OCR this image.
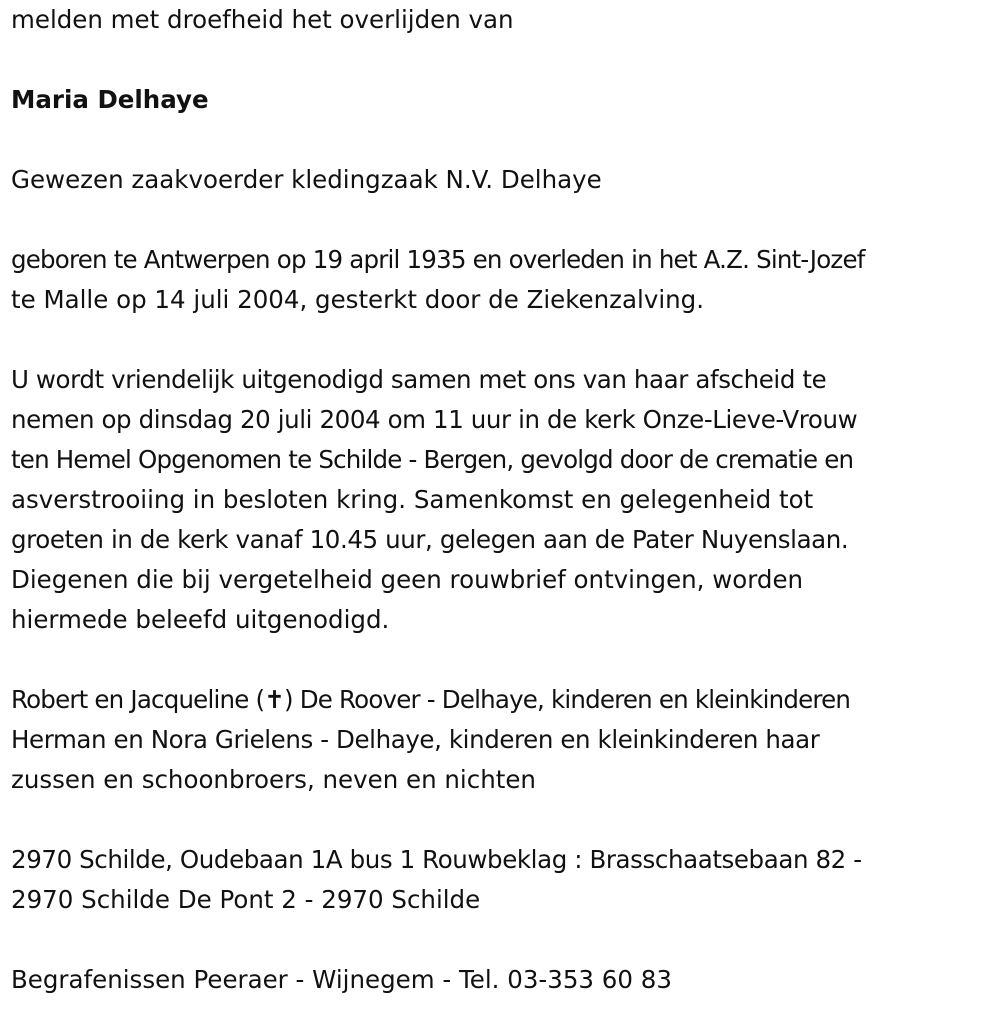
melden met droefheid het overlijden van
Maria Delhaye
Gewezen zaakvoerder kledingzaak N.V. Delhaye
geboren te Antwerpen op 19 april 1935 en overleden in het A.Z. Sint-Jozef
te Malle op 14 juli 2004, gesterkt door de Ziekenzalving.
U wordt vriendelijk uitgenodigd samen met ons van haar afscheid te
nemen op dinsdag 20 juli 2004 om 11 uur in de kerk Onze-Lieve-Vrouw
ten Hemel Opgenomen te Schilde - Bergen, gevolgd door de crematie en
asverstrooiing in besloten kring. Samenkomst en gelegenheid tot
groeten in de kerk vanaf 10.45 uur, gelegen aan de Pater Nuyenslaan.
Diegenen die bij vergetelheid geen rouwbrief ontvingen, worden
hiermede beleefd uitgenodigd.
Robert en Jacqueline (✝) De Roover - Delhaye, kinderen en kleinkinderen
Herman en Nora Grielens - Delhaye, kinderen en kleinkinderen haar
zussen en schoonbroers, neven en nichten
2970 Schilde, Oudebaan 1A bus 1 Rouwbeklag : Brasschaatsebaan 82 -
2970 Schilde De Pont 2 - 2970 Schilde
Begrafenissen Peeraer - Wijnegem - Tel. 03-353 60 83
